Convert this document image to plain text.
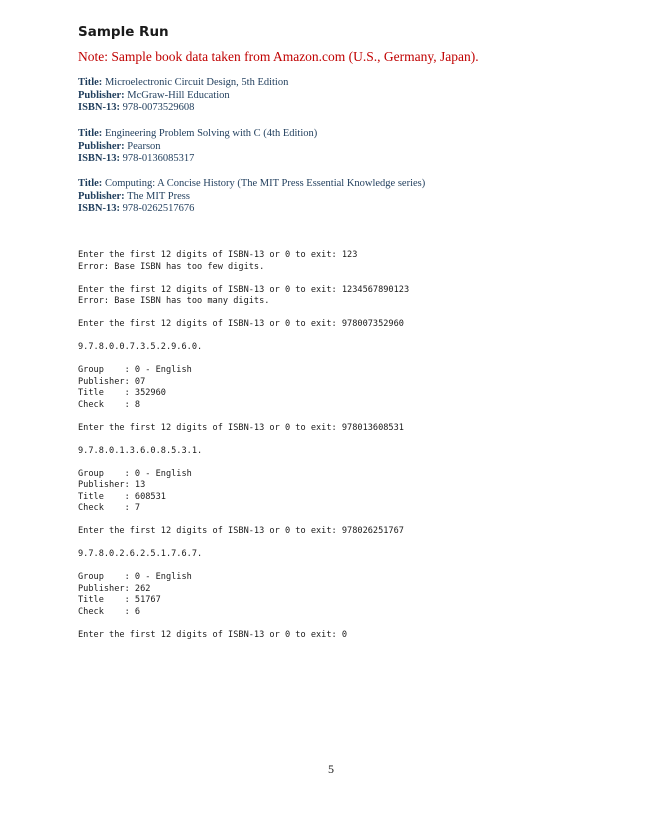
Sample Run

Note: Sample book data taken from Amazon.com (U.S., Germany, Japan).

Title: Microelectronic Circuit Design, 5th Edition
Publisher: McGraw-Hill Education
ISBN-13: 978-0073529608
Title: Engineering Problem Solving with C (4th Edition)
Publisher: Pearson
ISBN-13: 978-0136085317
Title: Computing: A Concise History (The MIT Press Essential Knowledge series)
Publisher: The MIT Press
ISBN-13: 978-0262517676
Enter the first 12 digits of ISBN-13 or 0 to exit: 123
Error: Base ISBN has too few digits.
Enter the first 12 digits of ISBN-13 or 0 to exit: 1234567890123
Error: Base ISBN has too many digits.
Enter the first 12 digits of ISBN-13 or 0 to exit: 978007352960
9.7.8.0.0.7.3.5.2.9.6.0.
Group    : 0 - English
Publisher: 07
Title    : 352960
Check    : 8
Enter the first 12 digits of ISBN-13 or 0 to exit: 978013608531
9.7.8.0.1.3.6.0.8.5.3.1.
Group    : 0 - English
Publisher: 13
Title    : 608531
Check    : 7
Enter the first 12 digits of ISBN-13 or 0 to exit: 978026251767
9.7.8.0.2.6.2.5.1.7.6.7.
Group    : 0 - English
Publisher: 262
Title    : 51767
Check    : 6
Enter the first 12 digits of ISBN-13 or 0 to exit: 0
5
